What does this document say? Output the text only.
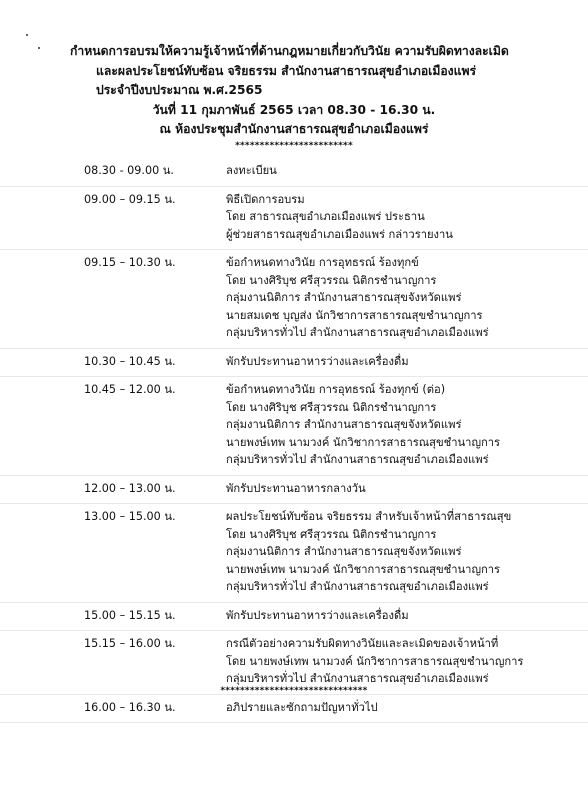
กำหนดการอบรมให้ความรู้เจ้าหน้าที่ด้านกฎหมายเกี่ยวกับวินัย ความรับผิดทางละเมิด
และผลประโยชน์ทับซ้อน จริยธรรม สำนักงานสาธารณสุขอำเภอเมืองแพร่
ประจำปีงบประมาณ พ.ศ.2565
วันที่ 11 กุมภาพันธ์ 2565 เวลา 08.30 - 16.30 น.
ณ ห้องประชุมสำนักงานสาธารณสุขอำเภอเมืองแพร่
************************
08.30 - 09.00 น.	ลงทะเบียน
09.00 – 09.15 น.	พิธีเปิดการอบรม
โดย สาธารณสุขอำเภอเมืองแพร่ ประธาน
ผู้ช่วยสาธารณสุขอำเภอเมืองแพร่ กล่าวรายงาน
09.15 – 10.30 น.	ข้อกำหนดทางวินัย การอุทธรณ์ ร้องทุกข์
โดย นางศิริบุช ศรีสุวรรณ นิติกรชำนาญการ
กลุ่มงานนิติการ สำนักงานสาธารณสุขจังหวัดแพร่
นายสมเดช บุญส่ง นักวิชาการสาธารณสุขชำนาญการ
กลุ่มบริหารทั่วไป สำนักงานสาธารณสุขอำเภอเมืองแพร่
10.30 – 10.45 น.	พักรับประทานอาหารว่างและเครื่องดื่ม
10.45 – 12.00 น.	ข้อกำหนดทางวินัย การอุทธรณ์ ร้องทุกข์ (ต่อ)
โดย นางศิริบุช ศรีสุวรรณ นิติกรชำนาญการ
กลุ่มงานนิติการ สำนักงานสาธารณสุขจังหวัดแพร่
นายพงษ์เทพ นามวงค์ นักวิชาการสาธารณสุขชำนาญการ
กลุ่มบริหารทั่วไป สำนักงานสาธารณสุขอำเภอเมืองแพร่
12.00 – 13.00 น.	พักรับประทานอาหารกลางวัน
13.00 – 15.00 น.	ผลประโยชน์ทับซ้อน จริยธรรม สำหรับเจ้าหน้าที่สาธารณสุข
โดย นางศิริบุช ศรีสุวรรณ นิติกรชำนาญการ
กลุ่มงานนิติการ สำนักงานสาธารณสุขจังหวัดแพร่
นายพงษ์เทพ นามวงค์ นักวิชาการสาธารณสุขชำนาญการ
กลุ่มบริหารทั่วไป สำนักงานสาธารณสุขอำเภอเมืองแพร่
15.00 – 15.15 น.	พักรับประทานอาหารว่างและเครื่องดื่ม
15.15 – 16.00 น.	กรณีตัวอย่างความรับผิดทางวินัยและละเมิดของเจ้าหน้าที่
โดย นายพงษ์เทพ นามวงค์ นักวิชาการสาธารณสุขชำนาญการ
กลุ่มบริหารทั่วไป สำนักงานสาธารณสุขอำเภอเมืองแพร่
16.00 – 16.30 น.	อภิปรายและซักถามปัญหาทั่วไป
******************************
